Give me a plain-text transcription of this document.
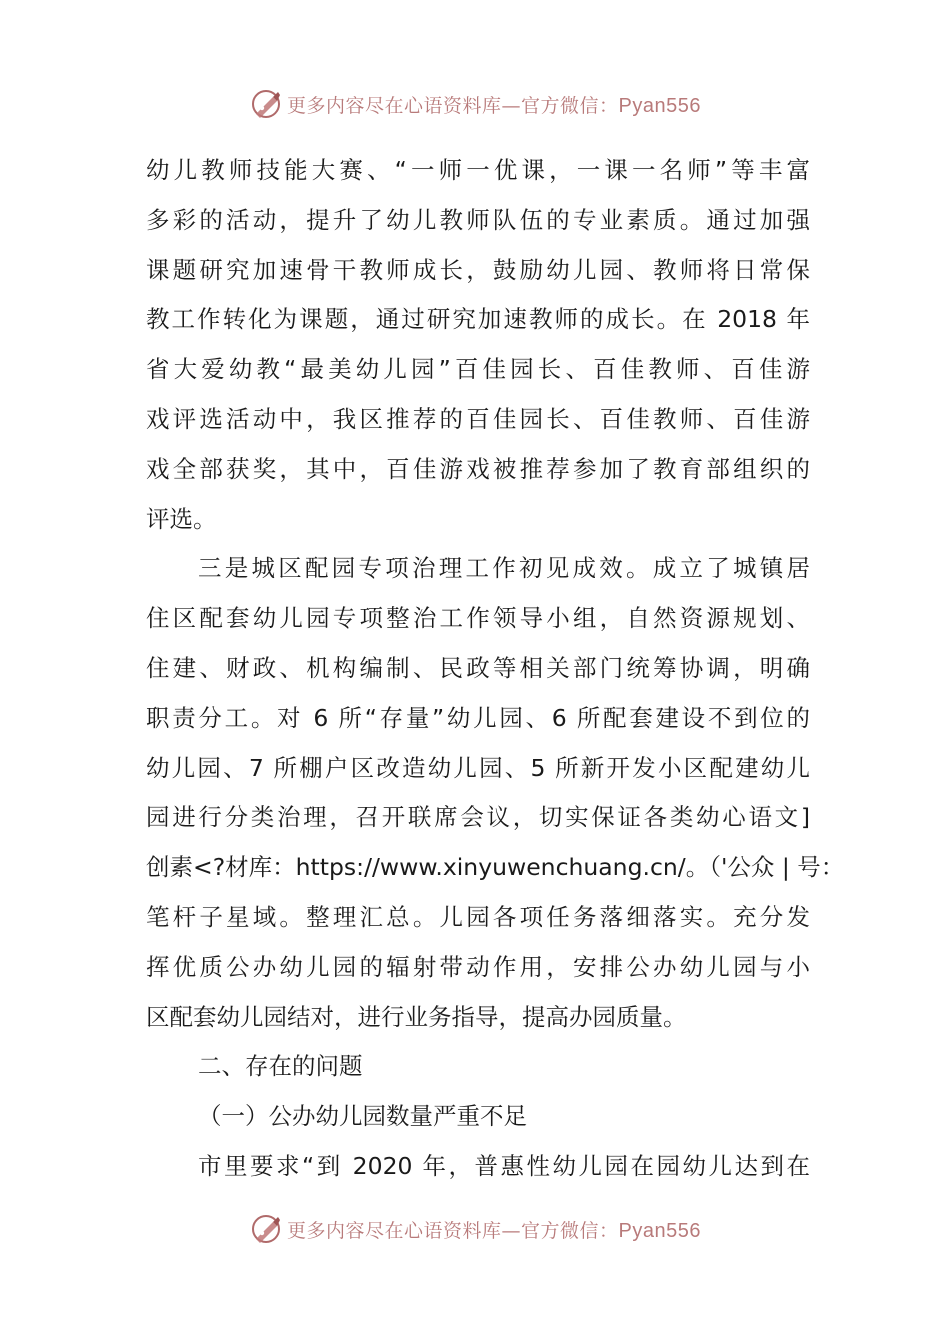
更多内容尽在心语资料库—官方微信：Pyan556
幼儿教师技能大赛、“一师一优课，一课一名师”等丰富
多彩的活动，提升了幼儿教师队伍的专业素质。通过加强
课题研究加速骨干教师成长，鼓励幼儿园、教师将日常保
教工作转化为课题，通过研究加速教师的成长。在 2018 年
省大爱幼教“最美幼儿园”百佳园长、百佳教师、百佳游
戏评选活动中，我区推荐的百佳园长、百佳教师、百佳游
戏全部获奖，其中，百佳游戏被推荐参加了教育部组织的
评选。
三是城区配园专项治理工作初见成效。成立了城镇居
住区配套幼儿园专项整治工作领导小组，自然资源规划、
住建、财政、机构编制、民政等相关部门统筹协调，明确
职责分工。对 6 所“存量”幼儿园、6 所配套建设不到位的
幼儿园、7 所棚户区改造幼儿园、5 所新开发小区配建幼儿
园进行分类治理，召开联席会议，切实保证各类幼心语文]
创素<?材库：https://www.xinyuwenchuang.cn/。（'公众 | 号：
笔杆子星域。整理汇总。儿园各项任务落细落实。充分发
挥优质公办幼儿园的辐射带动作用，安排公办幼儿园与小
区配套幼儿园结对，进行业务指导，提高办园质量。
二、存在的问题
（一）公办幼儿园数量严重不足
市里要求“到 2020 年，普惠性幼儿园在园幼儿达到在
更多内容尽在心语资料库—官方微信：Pyan556
